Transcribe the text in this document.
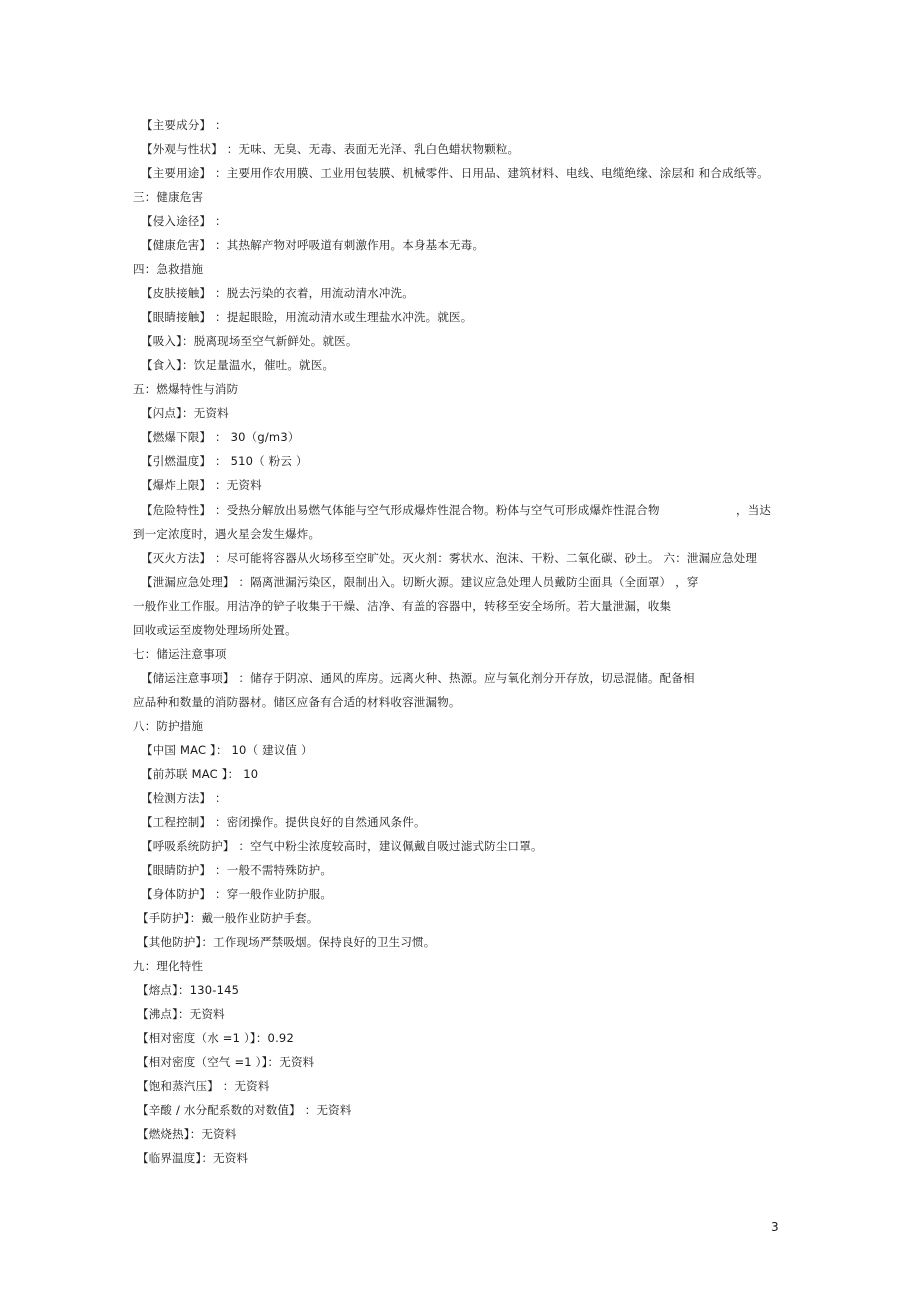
【主要成分】 ：
【外观与性状】 ：无味、无臭、无毒、表面无光泽、乳白色蜡状物颗粒。
【主要用途】 ：主要用作农用膜、工业用包装膜、机械零件、日用品、建筑材料、电线、电缆绝缘、涂层和 和合成纸等。
三：健康危害
【侵入途径】 ：
【健康危害】 ：其热解产物对呼吸道有刺激作用。本身基本无毒。
四：急救措施
【皮肤接触】 ：脱去污染的衣着，用流动清水冲洗。
【眼睛接触】 ：提起眼睑，用流动清水或生理盐水冲洗。就医。
【吸入】：脱离现场至空气新鲜处。就医。
【食入】：饮足量温水，催吐。就医。
五：燃爆特性与消防
【闪点】：无资料
【燃爆下限】 ： 30（g/m3）
【引燃温度】 ： 510（ 粉云 ）
【爆炸上限】 ：无资料
【危险特性】 ：受热分解放出易燃气体能与空气形成爆炸性混合物。粉体与空气可形成爆炸性混合物	，当达
到一定浓度时，遇火星会发生爆炸。
【灭火方法】 ：尽可能将容器从火场移至空旷处。灭火剂：雾状水、泡沫、干粉、二氧化碳、砂土。 六：泄漏应急处理
【泄漏应急处理】 ：隔离泄漏污染区，限制出入。切断火源。建议应急处理人员戴防尘面具（全面罩） ，穿
一般作业工作服。用洁净的铲子收集于干燥、洁净、有盖的容器中，转移至安全场所。若大量泄漏，收集
回收或运至废物处理场所处置。
七：储运注意事项
【储运注意事项】 ：储存于阴凉、通风的库房。远离火种、热源。应与氧化剂分开存放，切忌混储。配备相
应品种和数量的消防器材。储区应备有合适的材料收容泄漏物。
八：防护措施
【中国 MAC 】： 10（ 建议值 ）
【前苏联 MAC 】： 10
【检测方法】 ：
【工程控制】 ：密闭操作。提供良好的自然通风条件。
【呼吸系统防护】 ：空气中粉尘浓度较高时，建议佩戴自吸过滤式防尘口罩。
【眼睛防护】 ：一般不需特殊防护。
【身体防护】 ：穿一般作业防护服。
【手防护】：戴一般作业防护手套。
【其他防护】：工作现场严禁吸烟。保持良好的卫生习惯。
九：理化特性
【熔点】：130-145
【沸点】：无资料
【相对密度（水 =1 ）】：0.92
【相对密度（空气 =1 ）】：无资料
【饱和蒸汽压】 ：无资料
【辛酸 / 水分配系数的对数值】 ：无资料
【燃烧热】：无资料
【临界温度】：无资料
3
